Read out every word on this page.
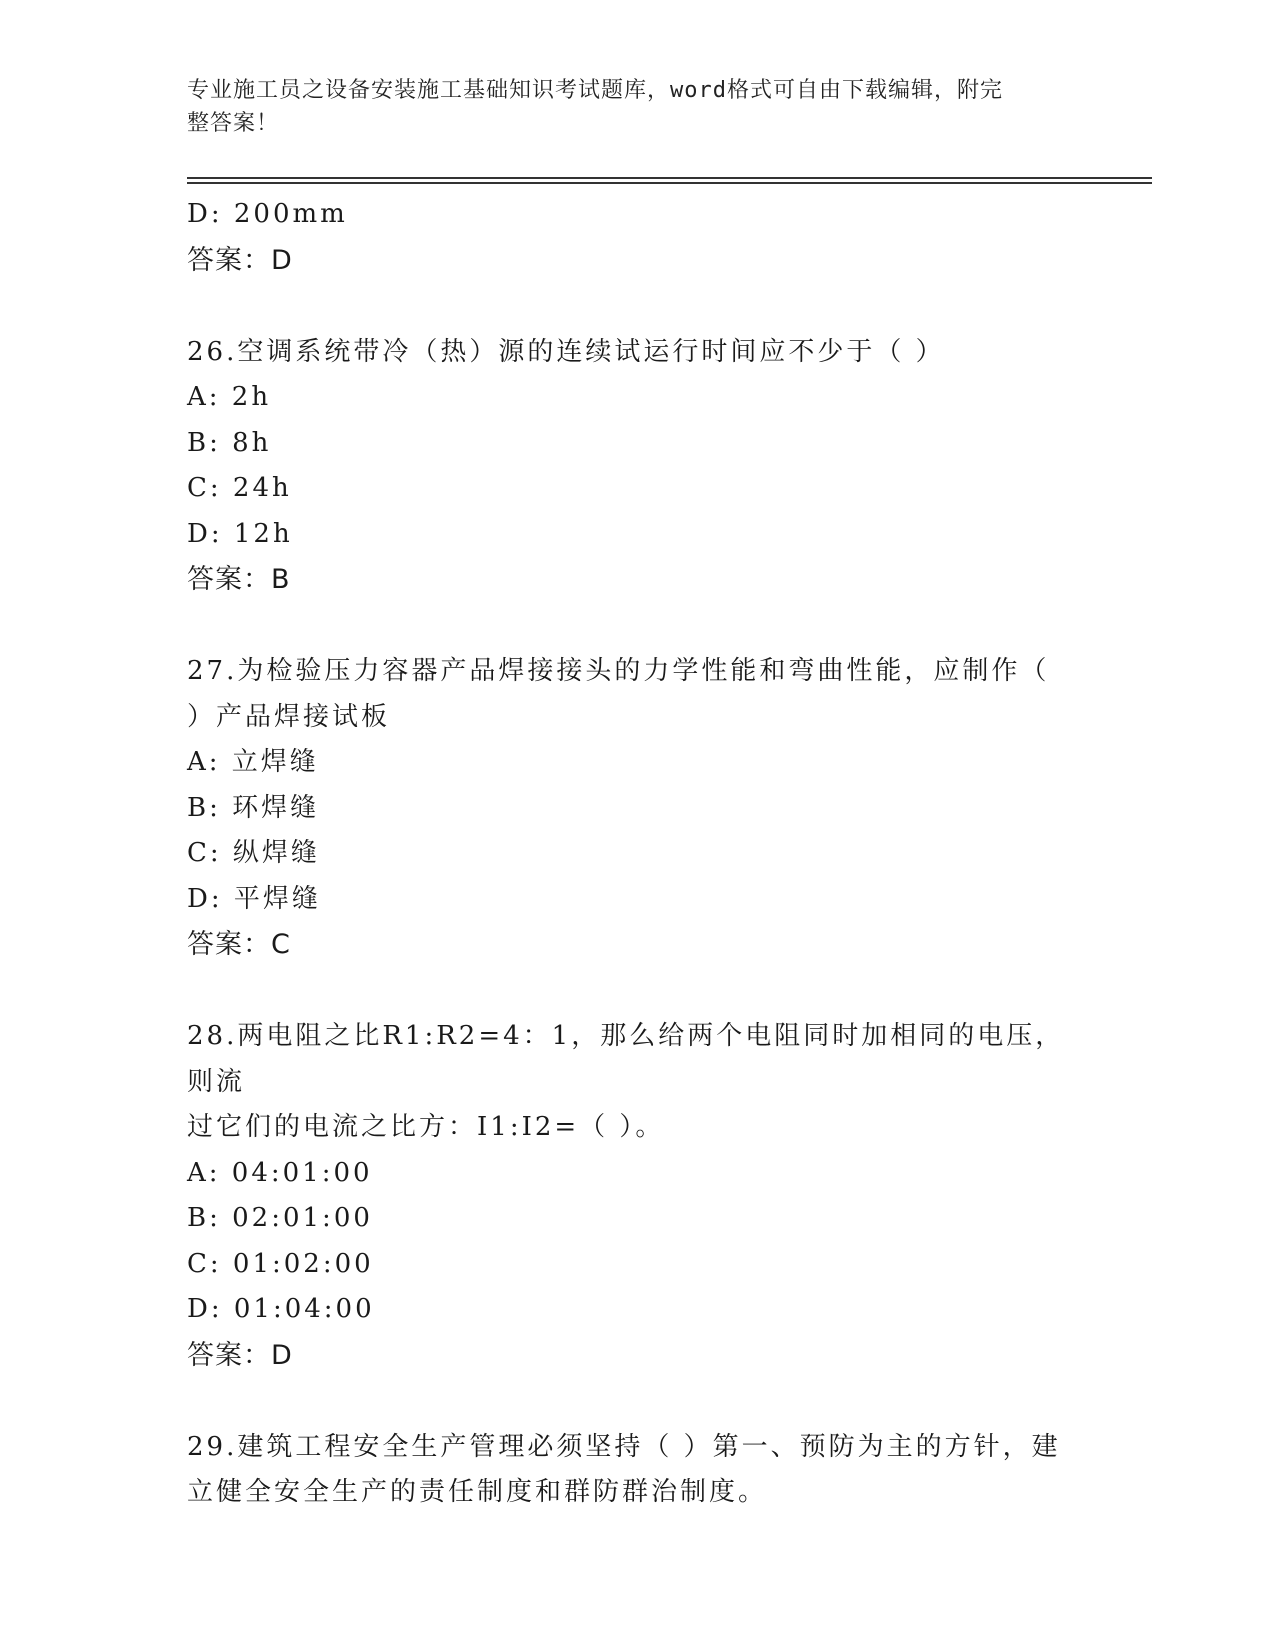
专业施工员之设备安装施工基础知识考试题库，word格式可自由下载编辑，附完
整答案！
D: 200mm
答案：D
26.空调系统带冷（热）源的连续试运行时间应不少于（ ）
A: 2h
B: 8h
C: 24h
D: 12h
答案：B
27.为检验压力容器产品焊接接头的力学性能和弯曲性能，应制作（
）产品焊接试板
A: 立焊缝
B: 环焊缝
C: 纵焊缝
D: 平焊缝
答案：C
28.两电阻之比R1:R2=4：1，那么给两个电阻同时加相同的电压，则流
过它们的电流之比方：I1:I2=（ ）。
A: 04:01:00
B: 02:01:00
C: 01:02:00
D: 01:04:00
答案：D
29.建筑工程安全生产管理必须坚持（ ）第一、预防为主的方针，建
立健全安全生产的责任制度和群防群治制度。
